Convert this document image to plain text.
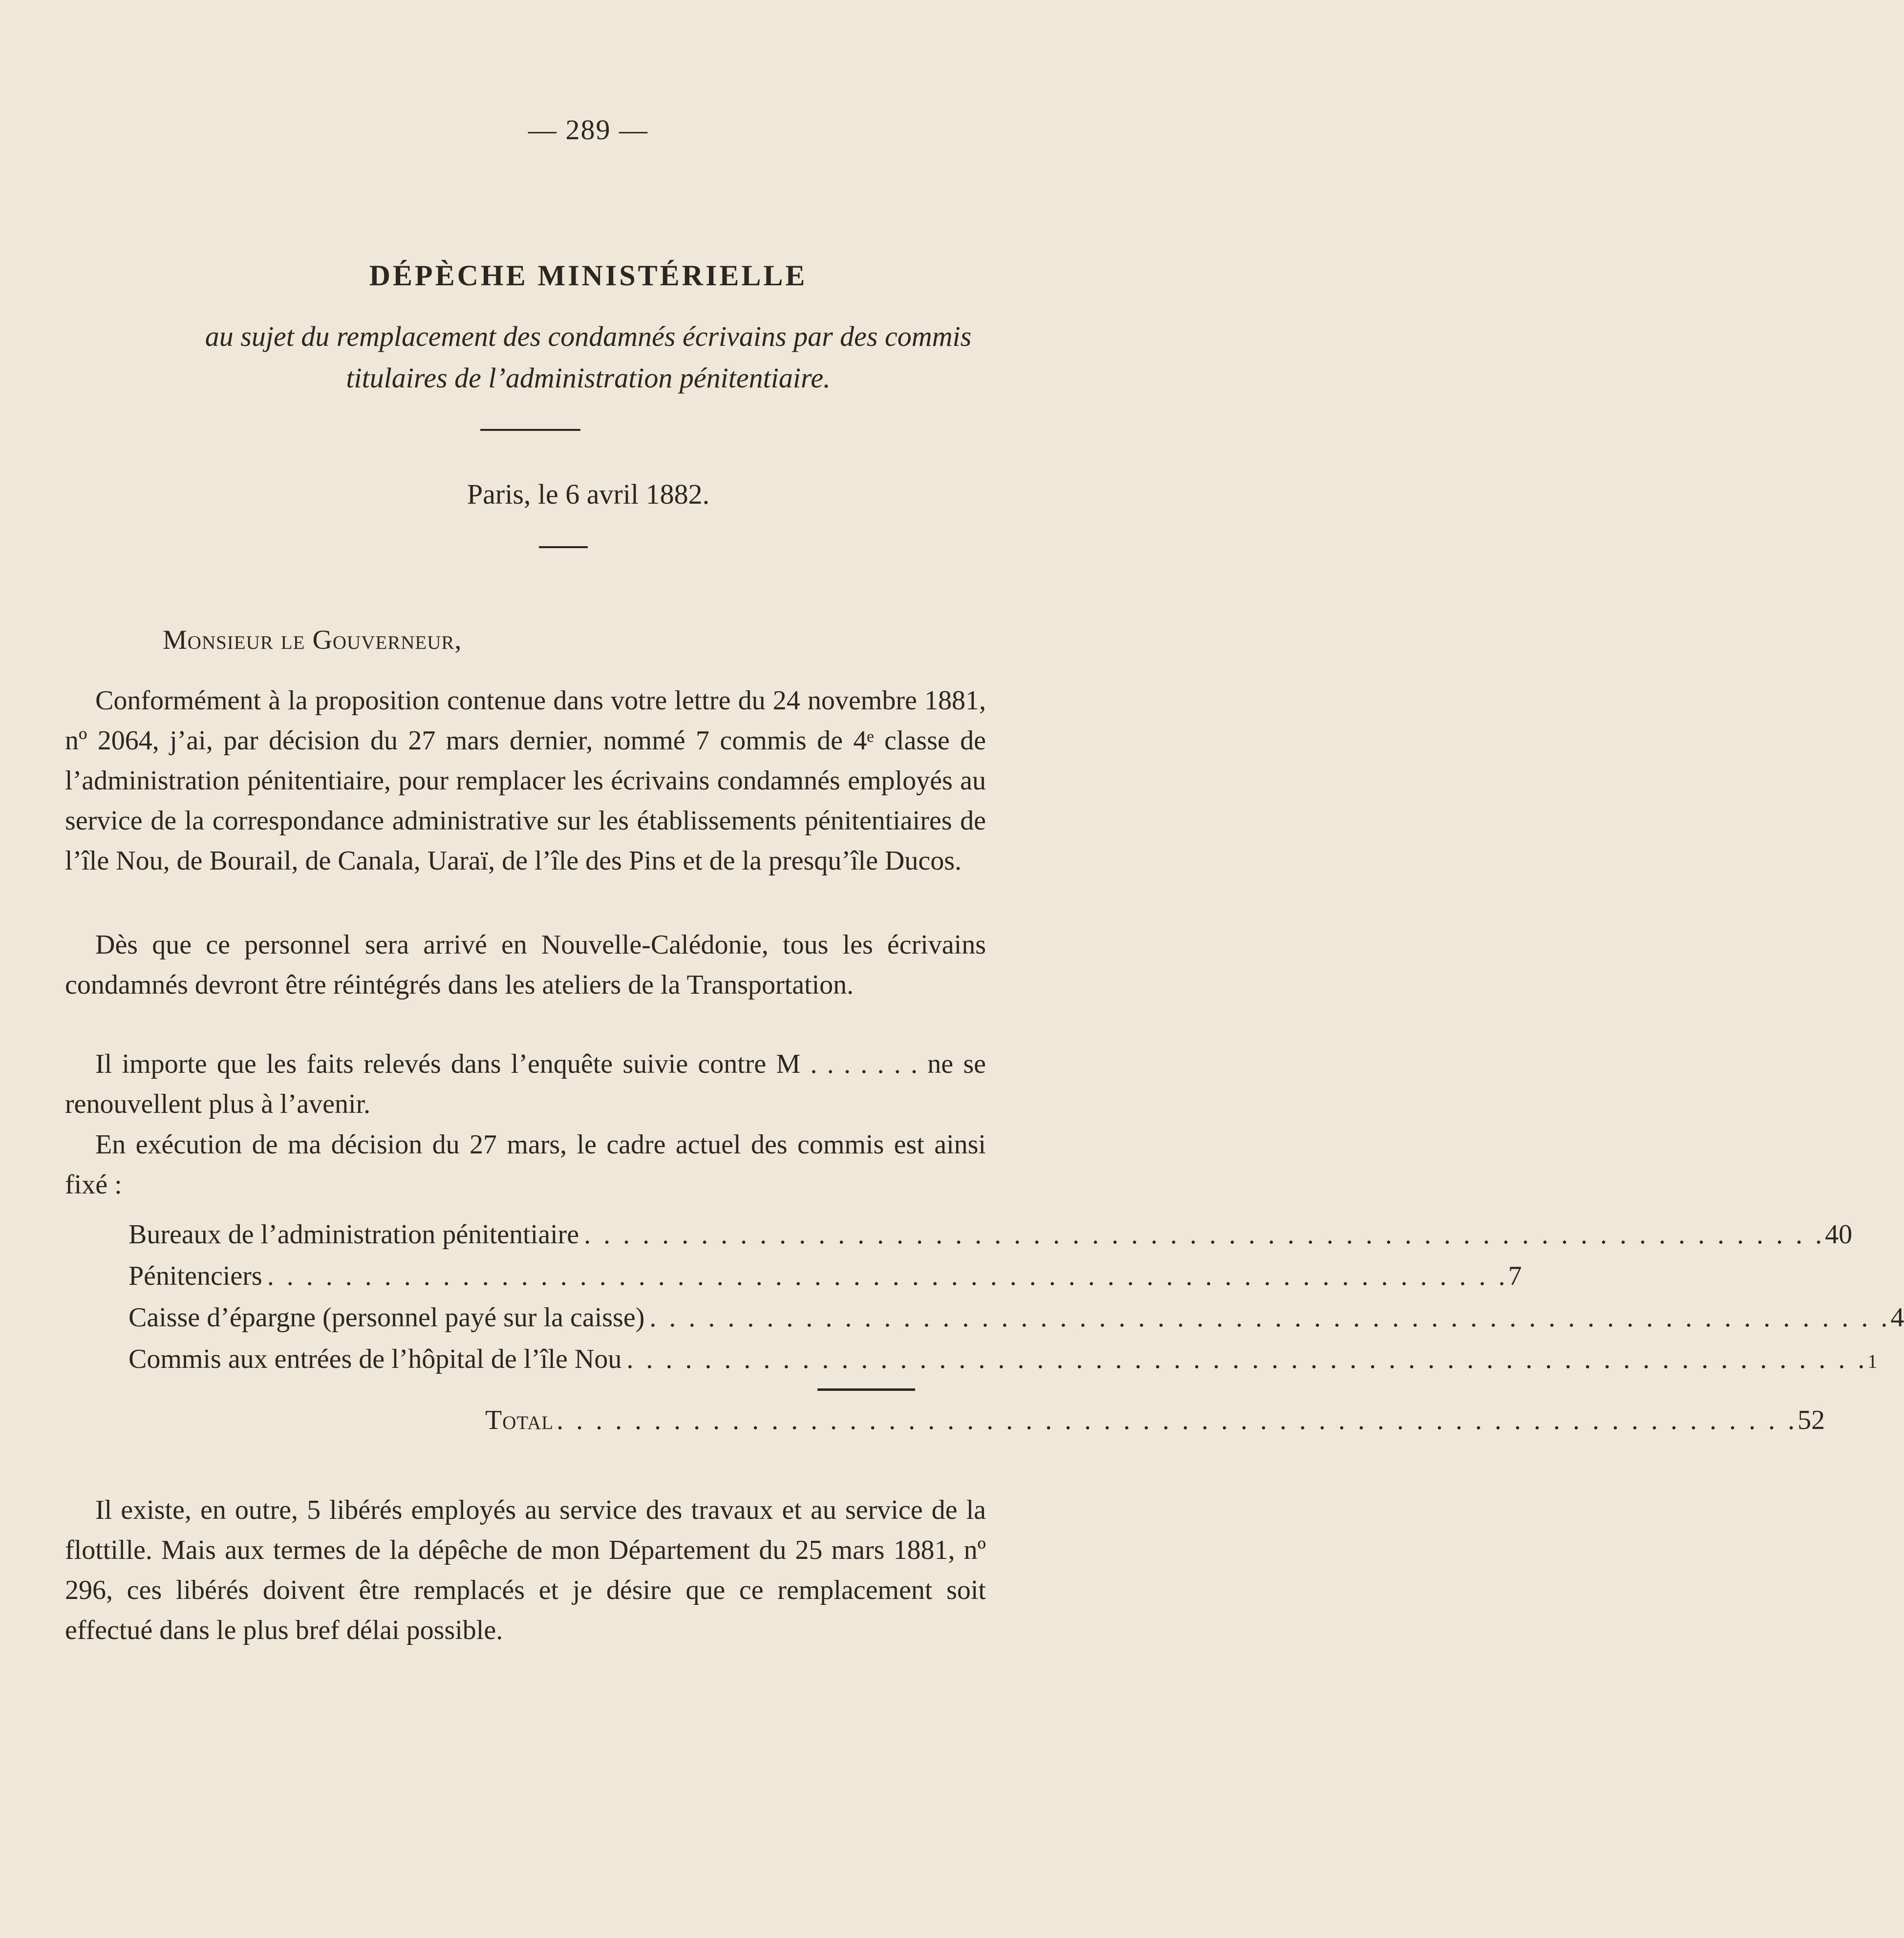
— 289 —
DÉPÈCHE MINISTÉRIELLE
au sujet du remplacement des condamnés écrivains par des commis
titulaires de l’administration pénitentiaire.
Paris, le 6 avril 1882.
Monsieur le Gouverneur,
Conformément à la proposition contenue dans votre lettre du 24 novembre 1881, nº 2064, j’ai, par décision du 27 mars dernier, nommé 7 commis de 4ᵉ classe de l’administration pénitentiaire, pour remplacer les écrivains condamnés employés au service de la correspondance administrative sur les établissements pénitentiaires de l’île Nou, de Bourail, de Canala, Uaraï, de l’île des Pins et de la presqu’île Ducos.
Dès que ce personnel sera arrivé en Nouvelle-Calédonie, tous les écrivains condamnés devront être réintégrés dans les ateliers de la Transportation.
Il importe que les faits relevés dans l’enquête suivie contre M . . . . . . . ne se renouvellent plus à l’avenir.
En exécution de ma décision du 27 mars, le cadre actuel des commis est ainsi fixé :
Bureaux de l’administration pénitentiaire . . . . . . . . . . . . . . . . . . . . . . . . . . . . . . . . . . . . . . . . . . . . . . . . . . . . . . . . . . . . . . . . 40
Pénitenciers . . . . . . . . . . . . . . . . . . . . . . . . . . . . . . . . . . . . . . . . . . . . . . . . . . . . . . . . . . . . . . . . 7
Caisse d’épargne (personnel payé sur la caisse) . . . . . . . . . . . . . . . . . . . . . . . . . . . . . . . . . . . . . . . . . . . . . . . . . . . . . . . . . . . . . . . . 4
Commis aux entrées de l’hôpital de l’île Nou . . . . . . . . . . . . . . . . . . . . . . . . . . . . . . . . . . . . . . . . . . . . . . . . . . . . . . . . . . . . . . . . 1
Total . . . . . . . . . . . . . . . . . . . . . . . . . . . . . . . . . . . . . . . . . . . . . . . . . . . . . . . . . . . . . . . . 52
Il existe, en outre, 5 libérés employés au service des travaux et au service de la flottille. Mais aux termes de la dépêche de mon Département du 25 mars 1881, nº 296, ces libérés doivent être remplacés et je désire que ce remplacement soit effectué dans le plus bref délai possible.
